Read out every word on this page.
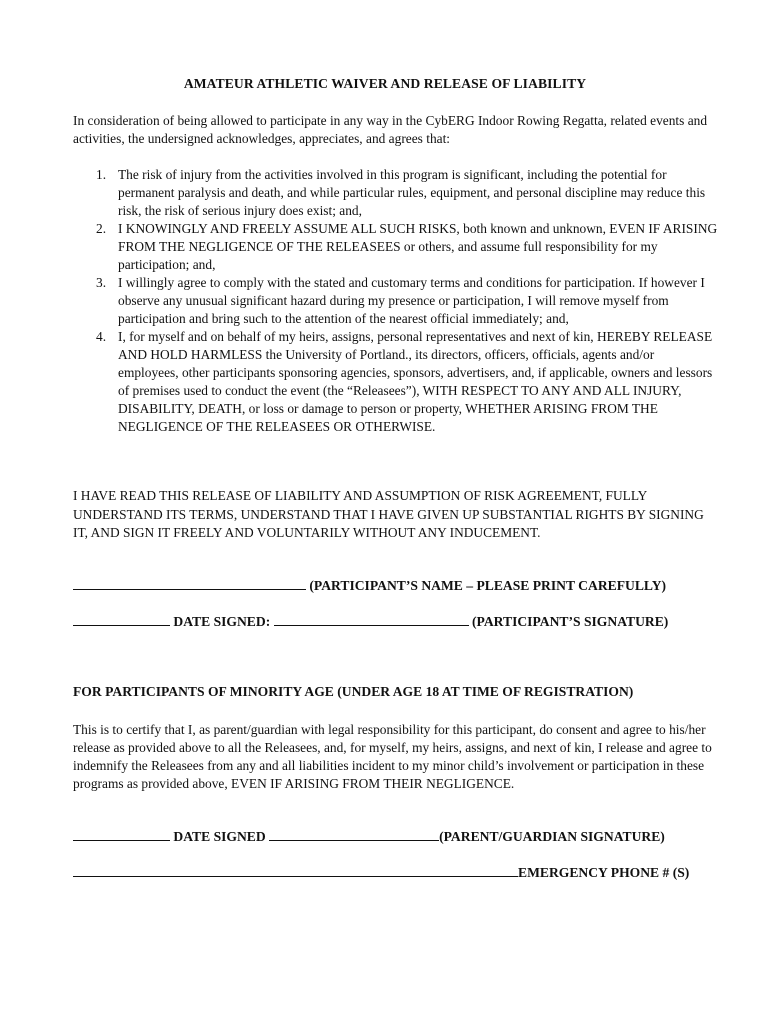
AMATEUR ATHLETIC WAIVER AND RELEASE OF LIABILITY
In consideration of being allowed to participate in any way in the CybERG Indoor Rowing Regatta, related events and activities, the undersigned acknowledges, appreciates, and agrees that:
1. The risk of injury from the activities involved in this program is significant, including the potential for permanent paralysis and death, and while particular rules, equipment, and personal discipline may reduce this risk, the risk of serious injury does exist; and,
2. I KNOWINGLY AND FREELY ASSUME ALL SUCH RISKS, both known and unknown, EVEN IF ARISING FROM THE NEGLIGENCE OF THE RELEASEES or others, and assume full responsibility for my participation; and,
3. I willingly agree to comply with the stated and customary terms and conditions for participation. If however I observe any unusual significant hazard during my presence or participation, I will remove myself from participation and bring such to the attention of the nearest official immediately; and,
4. I, for myself and on behalf of my heirs, assigns, personal representatives and next of kin, HEREBY RELEASE AND HOLD HARMLESS the University of Portland., its directors, officers, officials, agents and/or employees, other participants sponsoring agencies, sponsors, advertisers, and, if applicable, owners and lessors of premises used to conduct the event (the “Releasees”), WITH RESPECT TO ANY AND ALL INJURY, DISABILITY, DEATH, or loss or damage to person or property, WHETHER ARISING FROM THE NEGLIGENCE OF THE RELEASEES OR OTHERWISE.
I HAVE READ THIS RELEASE OF LIABILITY AND ASSUMPTION OF RISK AGREEMENT, FULLY UNDERSTAND ITS TERMS, UNDERSTAND THAT I HAVE GIVEN UP SUBSTANTIAL RIGHTS BY SIGNING IT, AND SIGN IT FREELY AND VOLUNTARILY WITHOUT ANY INDUCEMENT.
(PARTICIPANT’S NAME – PLEASE PRINT CAREFULLY)
DATE SIGNED:	(PARTICIPANT’S SIGNATURE)
FOR PARTICIPANTS OF MINORITY AGE (UNDER AGE 18 AT TIME OF REGISTRATION)
This is to certify that I, as parent/guardian with legal responsibility for this participant, do consent and agree to his/her release as provided above to all the Releasees, and, for myself, my heirs, assigns, and next of kin, I release and agree to indemnify the Releasees from any and all liabilities incident to my minor child’s involvement or participation in these programs as provided above, EVEN IF ARISING FROM THEIR NEGLIGENCE.
DATE SIGNED	(PARENT/GUARDIAN SIGNATURE)
EMERGENCY PHONE # (S)
